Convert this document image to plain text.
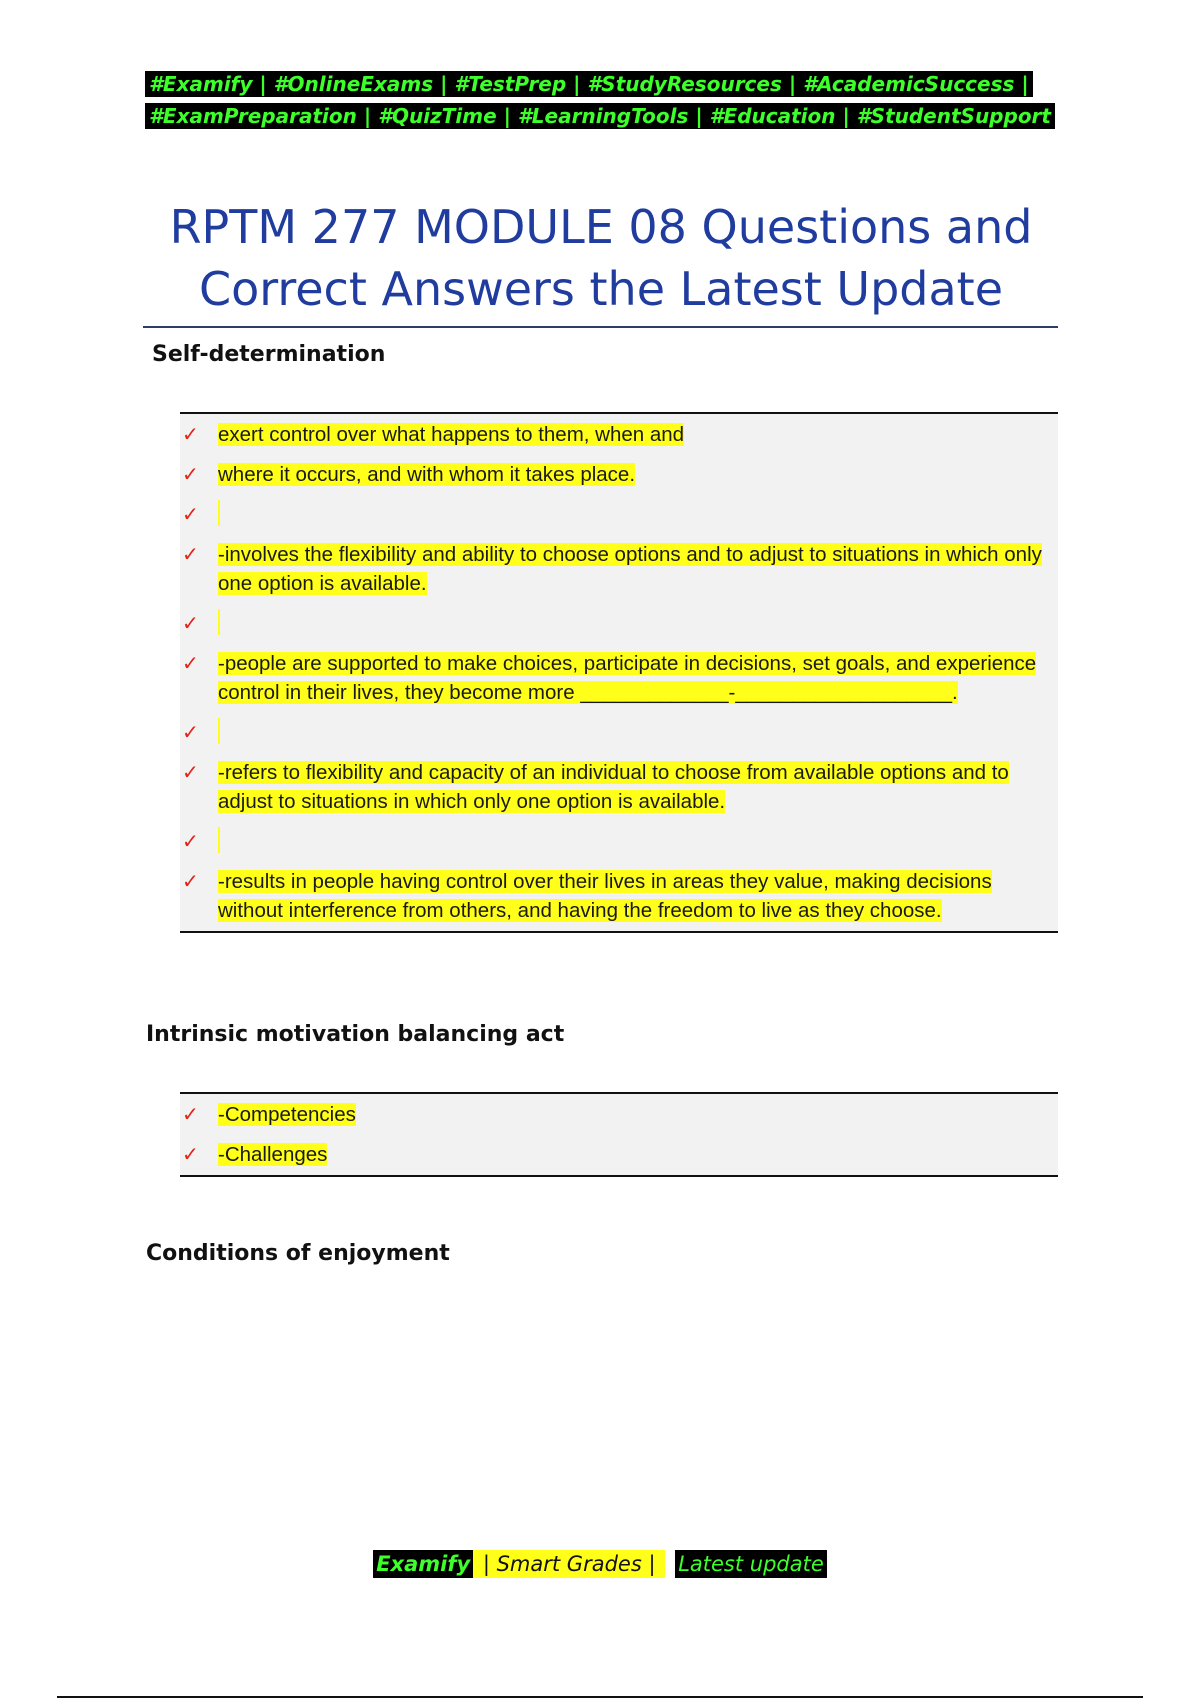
#Examify | #OnlineExams | #TestPrep | #StudyResources | #AcademicSuccess |
#ExamPreparation | #QuizTime | #LearningTools | #Education | #StudentSupport
RPTM 277 MODULE 08 Questions and
Correct Answers the Latest Update
Self-determination
✓ exert control over what happens to them, when and
✓ where it occurs, and with whom it takes place.
✓
✓ -involves the flexibility and ability to choose options and to adjust to situations in which only one option is available.
✓
✓ -people are supported to make choices, participate in decisions, set goals, and experience control in their lives, they become more _____________-___________________.
✓
✓ -refers to flexibility and capacity of an individual to choose from available options and to adjust to situations in which only one option is available.
✓
✓ -results in people having control over their lives in areas they value, making decisions without interference from others, and having the freedom to live as they choose.
Intrinsic motivation balancing act
✓ -Competencies
✓ -Challenges
Conditions of enjoyment
Examify | Smart Grades | Latest update
